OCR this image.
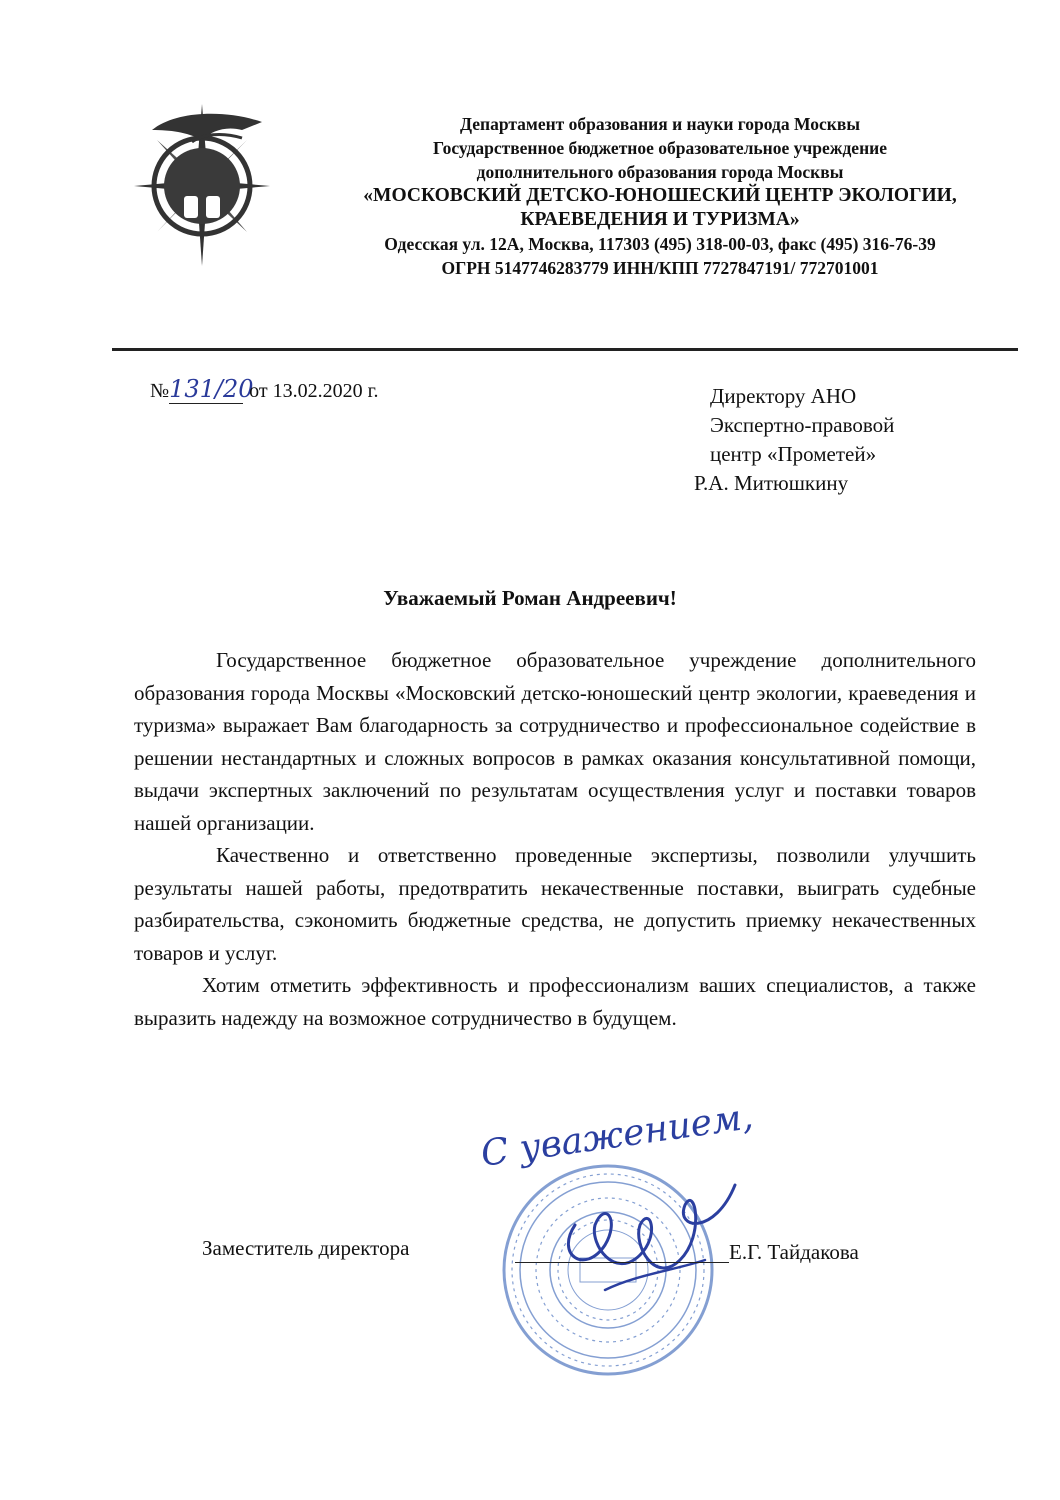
Департамент образования и науки города Москвы
Государственное бюджетное образовательное учреждение
дополнительного образования города Москвы
«МОСКОВСКИЙ ДЕТСКО-ЮНОШЕСКИЙ ЦЕНТР ЭКОЛОГИИ,
КРАЕВЕДЕНИЯ И ТУРИЗМА»
Одесская ул. 12А, Москва, 117303 (495) 318-00-03, факс (495) 316-76-39
ОГРН 5147746283779 ИНН/КПП 7727847191/ 772701001
№131/20от 13.02.2020 г.	Директору АНО
Экспертно-правовой
центр «Прометей»
Р.А. Митюшкину
Уважаемый Роман Андреевич!

Государственное бюджетное образовательное учреждение дополнительного образования города Москвы «Московский детско-юношеский центр экологии, краеведения и туризма» выражает Вам благодарность за сотрудничество и профессиональное содействие в решении нестандартных и сложных вопросов в рамках оказания консультативной помощи, выдачи экспертных заключений по результатам осуществления услуг и поставки товаров нашей организации.

Качественно и ответственно проведенные экспертизы, позволили улучшить результаты нашей работы, предотвратить некачественные поставки, выиграть судебные разбирательства, сэкономить бюджетные средства, не допустить приемку некачественных товаров и услуг.

Хотим отметить эффективность и профессионализм ваших специалистов, а также выразить надежду на возможное сотрудничество в будущем.

С уважением,
Заместитель директора	Е.Г. Тайдакова
